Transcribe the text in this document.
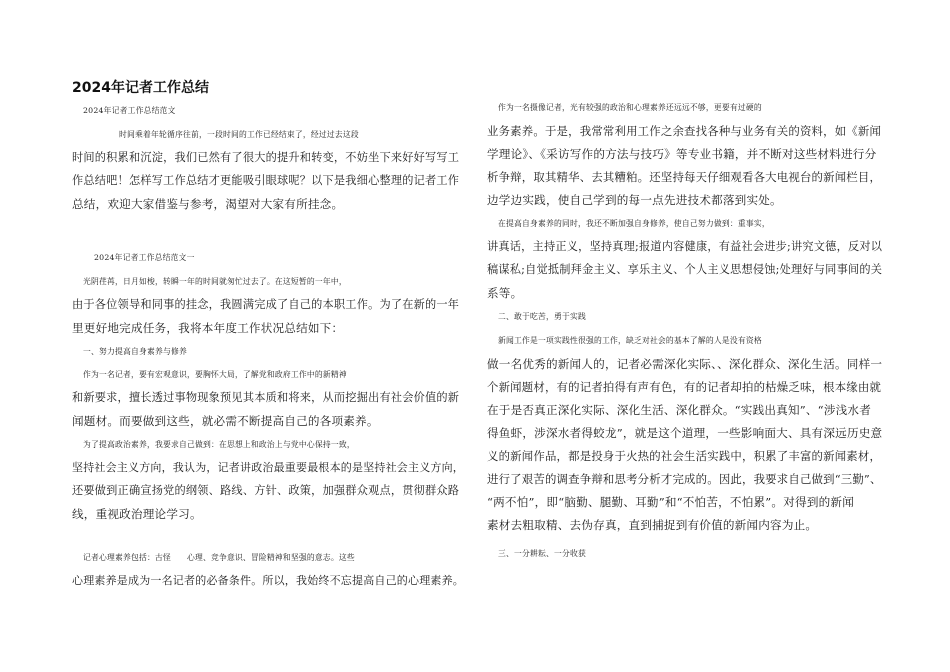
2024年记者工作总结
2024年记者工作总结范文
时间乘着年轮循序往前，一段时间的工作已经结束了，经过过去这段
时间的积累和沉淀，我们已然有了很大的提升和转变，不妨坐下来好好写写工
作总结吧！怎样写工作总结才更能吸引眼球呢？以下是我细心整理的记者工作
总结，欢迎大家借鉴与参考，渴望对大家有所挂念。
2024年记者工作总结范文一
光阴荏苒，日月如梭，转瞬一年的时间就匆忙过去了。在这短暂的一年中，
由于各位领导和同事的挂念，我圆满完成了自己的本职工作。为了在新的一年
里更好地完成任务，我将本年度工作状况总结如下：
一、努力提高自身素养与修养
作为一名记者，要有宏观意识，要胸怀大局，了解党和政府工作中的新精神
和新要求，擅长透过事物现象预见其本质和将来，从而挖掘出有社会价值的新
闻题材。而要做到这些，就必需不断提高自己的各项素养。
为了提高政治素养，我要求自己做到：在思想上和政治上与党中心保持一致，
坚持社会主义方向，我认为，记者讲政治最重要最根本的是坚持社会主义方向，
还要做到正确宣扬党的纲领、路线、方针、政策，加强群众观点，贯彻群众路
线，重视政治理论学习。
记者心理素养包括：古怪　　心理、竞争意识、冒险精神和坚强的意志。这些
心理素养是成为一名记者的必备条件。所以，我始终不忘提高自己的心理素养。
作为一名摄像记者，光有较强的政治和心理素养还远远不够，更要有过硬的
业务素养。于是，我常常利用工作之余查找各种与业务有关的资料，如《新闻
学理论》、《采访写作的方法与技巧》等专业书籍，并不断对这些材料进行分
析争辩，取其精华、去其糟粕。还坚持每天仔细观看各大电视台的新闻栏目，
边学边实践，使自己学到的每一点先进技术都落到实处。
在提高自身素养的同时，我还不断加强自身修养，使自己努力做到：重事实，
讲真话，主持正义，坚持真理;报道内容健康，有益社会进步;讲究文德，反对以
稿谋私;自觉抵制拜金主义、享乐主义、个人主义思想侵蚀;处理好与同事间的关
系等。
二、敢于吃苦，勇于实践
新闻工作是一项实践性很强的工作，缺乏对社会的基本了解的人是没有资格
做一名优秀的新闻人的，记者必需深化实际、、深化群众、深化生活。同样一
个新闻题材，有的记者拍得有声有色，有的记者却拍的枯燥乏味，根本缘由就
在于是否真正深化实际、深化生活、深化群众。“实践出真知”、“涉浅水者
得鱼虾，涉深水者得蛟龙”，就是这个道理，一些影响面大、具有深远历史意
义的新闻作品，都是投身于火热的社会生活实践中，积累了丰富的新闻素材，
进行了艰苦的调查争辩和思考分析才完成的。因此，我要求自己做到“三勤”、
“两不怕”，即“脑勤、腿勤、耳勤”和“不怕苦，不怕累”。对得到的新闻
素材去粗取精、去伪存真，直到捕捉到有价值的新闻内容为止。
三、一分耕耘、一分收获
